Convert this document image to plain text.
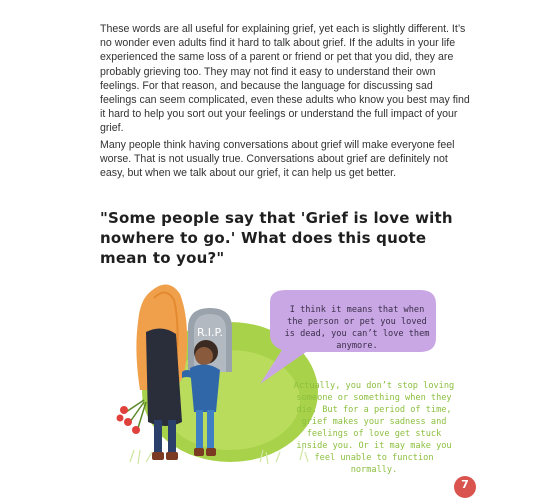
These words are all useful for explaining grief, yet each is slightly different. It’s no wonder even adults find it hard to talk about grief. If the adults in your life experienced the same loss of a parent or friend or pet that you did, they are probably grieving too. They may not find it easy to understand their own feelings. For that reason, and because the language for discussing sad feelings can seem complicated, even these adults who know you best may find it hard to help you sort out your feelings or understand the full impact of your grief.

Many people think having conversations about grief will make everyone feel worse. That is not usually true. Conversations about grief are definitely not easy, but when we talk about our grief, it can help us get better.

"Some people say that 'Grief is love with nowhere to go.' What does this quote mean to you?"

R.I.P.

I think it means that when the person or pet you loved is dead, you can’t love them anymore.

Actually, you don’t stop loving someone or something when they die. But for a period of time, grief makes your sadness and feelings of love get stuck inside you. Or it may make you feel unable to function normally.

7
